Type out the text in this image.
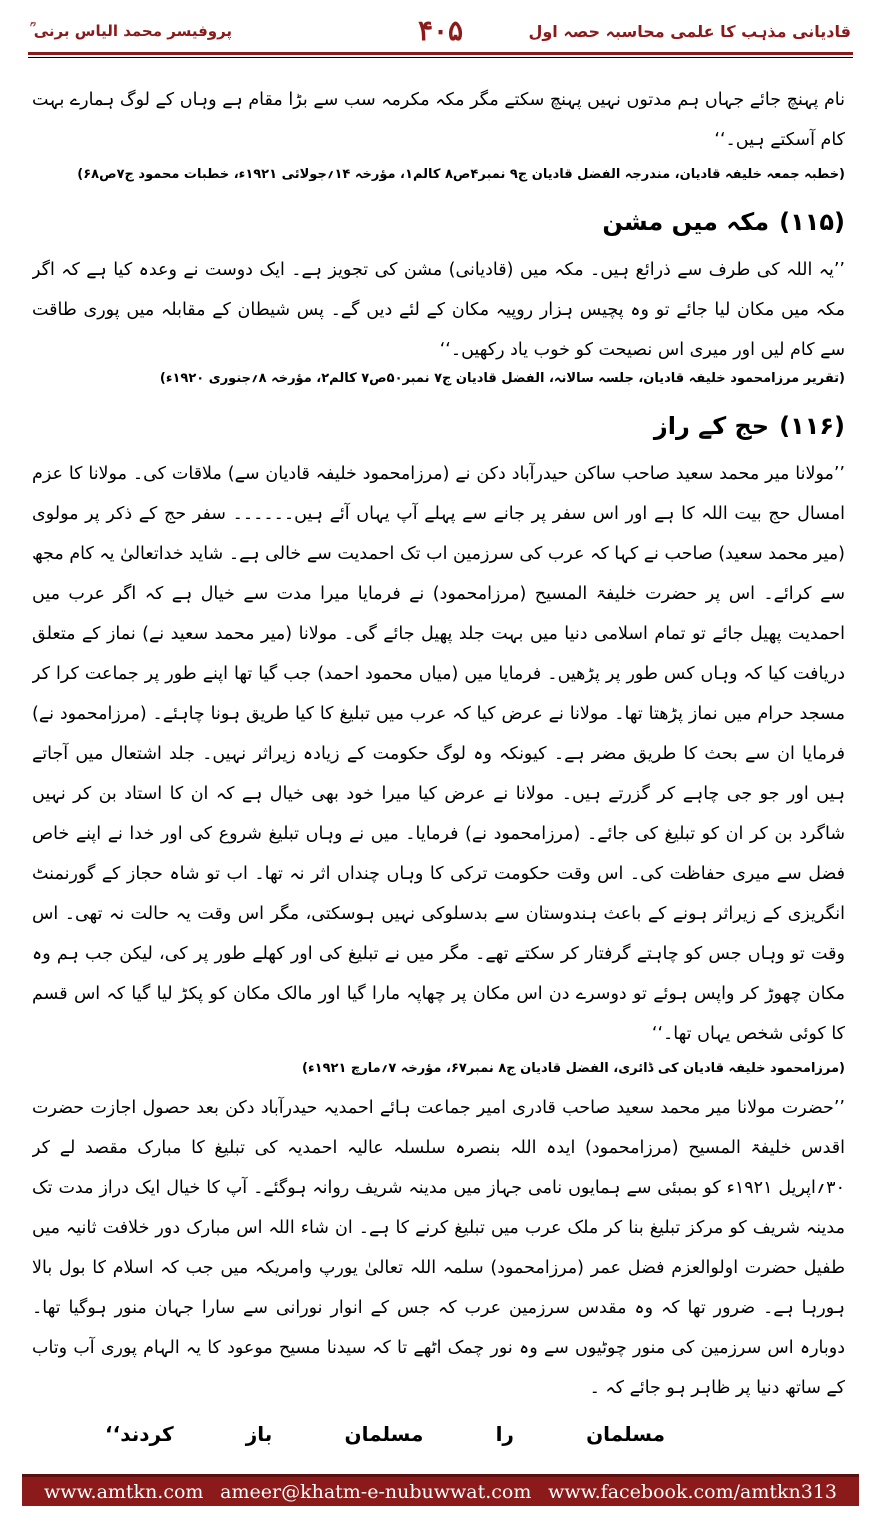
قادیانی مذہب کا علمی محاسبہ حصہ اول
۴۰۵
پروفیسر محمد الیاس برنی ؒ

نام پہنچ جائے جہاں ہم مدتوں نہیں پہنچ سکتے مگر مکہ مکرمہ سب سے بڑا مقام ہے وہاں کے لوگ ہمارے بہت کام آسکتے ہیں۔‘‘

(خطبہ جمعہ خلیفہ قادیان، مندرجہ الفضل قادیان ج۹ نمبر۴ص۸ کالم۱، مؤرخہ ۱۴؍جولائی ۱۹۲۱ء، خطبات محمود ج۷ص۶۸)

(۱۱۵)مکہ میں مشن

’’یہ اللہ کی طرف سے ذرائع ہیں۔ مکہ میں (قادیانی) مشن کی تجویز ہے۔ ایک دوست نے وعدہ کیا ہے کہ اگر مکہ میں مکان لیا جائے تو وہ پچیس ہزار روپیہ مکان کے لئے دیں گے۔ پس شیطان کے مقابلہ میں پوری طاقت سے کام لیں اور میری اس نصیحت کو خوب یاد رکھیں۔‘‘

(تقریر مرزامحمود خلیفہ قادیان، جلسہ سالانہ، الفضل قادیان ج۷ نمبر۵۰ص۷ کالم۲، مؤرخہ ۸؍جنوری ۱۹۲۰ء)

(۱۱۶)حج کے راز

’’مولانا میر محمد سعید صاحب ساکن حیدرآباد دکن نے (مرزامحمود خلیفہ قادیان سے) ملاقات کی۔ مولانا کا عزم امسال حج بیت اللہ کا ہے اور اس سفر پر جانے سے پہلے آپ یہاں آئے ہیں۔۔۔۔۔۔ سفر حج کے ذکر پر مولوی (میر محمد سعید) صاحب نے کہا کہ عرب کی سرزمین اب تک احمدیت سے خالی ہے۔ شاید خداتعالیٰ یہ کام مجھ سے کرائے۔ اس پر حضرت خلیفۃ المسیح (مرزامحمود) نے فرمایا میرا مدت سے خیال ہے کہ اگر عرب میں احمدیت پھیل جائے تو تمام اسلامی دنیا میں بہت جلد پھیل جائے گی۔ مولانا (میر محمد سعید نے) نماز کے متعلق دریافت کیا کہ وہاں کس طور پر پڑھیں۔ فرمایا میں (میاں محمود احمد) جب گیا تھا اپنے طور پر جماعت کرا کر مسجد حرام میں نماز پڑھتا تھا۔ مولانا نے عرض کیا کہ عرب میں تبلیغ کا کیا طریق ہونا چاہئے۔ (مرزامحمود نے) فرمایا ان سے بحث کا طریق مضر ہے۔ کیونکہ وہ لوگ حکومت کے زیادہ زیراثر نہیں۔ جلد اشتعال میں آجاتے ہیں اور جو جی چاہے کر گزرتے ہیں۔ مولانا نے عرض کیا میرا خود بھی خیال ہے کہ ان کا استاد بن کر نہیں شاگرد بن کر ان کو تبلیغ کی جائے۔ (مرزامحمود نے) فرمایا۔ میں نے وہاں تبلیغ شروع کی اور خدا نے اپنے خاص فضل سے میری حفاظت کی۔ اس وقت حکومت ترکی کا وہاں چنداں اثر نہ تھا۔ اب تو شاہ حجاز کے گورنمنٹ انگریزی کے زیراثر ہونے کے باعث ہندوستان سے بدسلوکی نہیں ہوسکتی، مگر اس وقت یہ حالت نہ تھی۔ اس وقت تو وہاں جس کو چاہتے گرفتار کر سکتے تھے۔ مگر میں نے تبلیغ کی اور کھلے طور پر کی، لیکن جب ہم وہ مکان چھوڑ کر واپس ہوئے تو دوسرے دن اس مکان پر چھاپہ مارا گیا اور مالک مکان کو پکڑ لیا گیا کہ اس قسم کا کوئی شخص یہاں تھا۔‘‘

(مرزامحمود خلیفہ قادیان کی ڈائری، الفضل قادیان ج۸ نمبر۶۷، مؤرخہ ۷؍مارچ ۱۹۲۱ء)

’’حضرت مولانا میر محمد سعید صاحب قادری امیر جماعت ہائے احمدیہ حیدرآباد دکن بعد حصول اجازت حضرت اقدس خلیفۃ المسیح (مرزامحمود) ایدہ اللہ بنصرہ سلسلہ عالیہ احمدیہ کی تبلیغ کا مبارک مقصد لے کر ۳۰؍اپریل ۱۹۲۱ء کو بمبئی سے ہمایوں نامی جہاز میں مدینہ شریف روانہ ہوگئے۔ آپ کا خیال ایک دراز مدت تک مدینہ شریف کو مرکز تبلیغ بنا کر ملک عرب میں تبلیغ کرنے کا ہے۔ ان شاء اللہ اس مبارک دور خلافت ثانیہ میں طفیل حضرت اولوالعزم فضل عمر (مرزامحمود) سلمہ اللہ تعالیٰ یورپ وامریکہ میں جب کہ اسلام کا بول بالا ہورہا ہے۔ ضرور تھا کہ وہ مقدس سرزمین عرب کہ جس کے انوار نورانی سے سارا جہان منور ہوگیا تھا۔ دوبارہ اس سرزمین کی منور چوٹیوں سے وہ نور چمک اٹھے تا کہ سیدنا مسیح موعود کا یہ الہام پوری آب وتاب کے ساتھ دنیا پر ظاہر ہو جائے کہ ۔

مسلمان
را
مسلمان
باز
کردند‘‘

www.amtkn.com ameer@khatm-e-nubuwwat.com www.facebook.com/amtkn313
